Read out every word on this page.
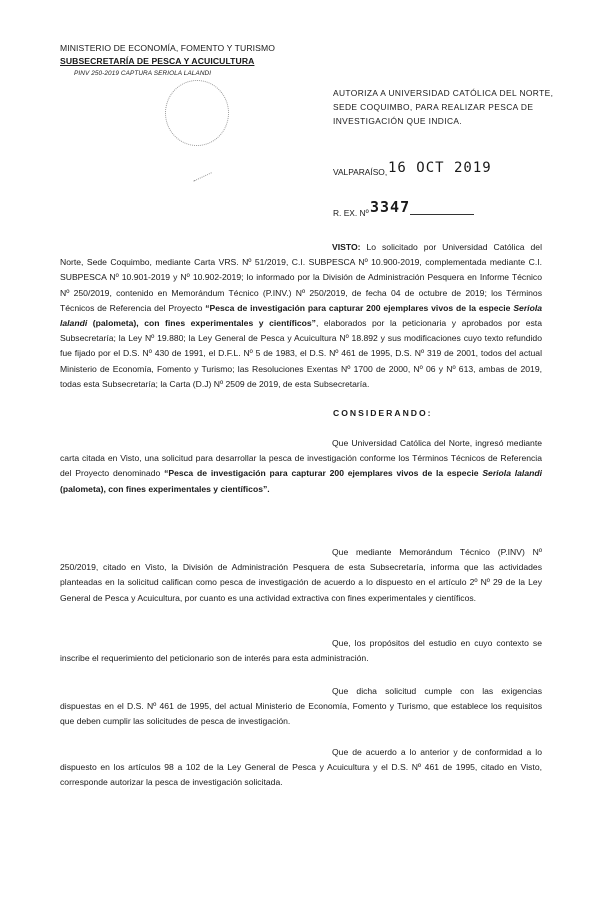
MINISTERIO DE ECONOMÍA, FOMENTO Y TURISMO
SUBSECRETARÍA DE PESCA Y ACUICULTURA
PINV 250-2019 CAPTURA SERIOLA LALANDI
AUTORIZA A UNIVERSIDAD CATÓLICA DEL NORTE, SEDE COQUIMBO, PARA REALIZAR PESCA DE INVESTIGACIÓN QUE INDICA.
VALPARAÍSO, 16 OCT 2019
R. EX. Nº 3347
VISTO: Lo solicitado por Universidad Católica del Norte, Sede Coquimbo, mediante Carta VRS. Nº 51/2019, C.I. SUBPESCA Nº 10.900-2019, complementada mediante C.I. SUBPESCA Nº 10.901-2019 y Nº 10.902-2019; lo informado por la División de Administración Pesquera en Informe Técnico Nº 250/2019, contenido en Memorándum Técnico (P.INV.) Nº 250/2019, de fecha 04 de octubre de 2019; los Términos Técnicos de Referencia del Proyecto “Pesca de investigación para capturar 200 ejemplares vivos de la especie Seriola lalandi (palometa), con fines experimentales y científicos”, elaborados por la peticionaria y aprobados por esta Subsecretaría; la Ley Nº 19.880; la Ley General de Pesca y Acuicultura Nº 18.892 y sus modificaciones cuyo texto refundido fue fijado por el D.S. Nº 430 de 1991, el D.F.L. Nº 5 de 1983, el D.S. Nº 461 de 1995, D.S. Nº 319 de 2001, todos del actual Ministerio de Economía, Fomento y Turismo; las Resoluciones Exentas Nº 1700 de 2000, Nº 06 y Nº 613, ambas de 2019, todas esta Subsecretaría; la Carta (D.J) Nº 2509 de 2019, de esta Subsecretaría.
CONSIDERANDO:
Que Universidad Católica del Norte, ingresó mediante carta citada en Visto, una solicitud para desarrollar la pesca de investigación conforme los Términos Técnicos de Referencia del Proyecto denominado “Pesca de investigación para capturar 200 ejemplares vivos de la especie Seriola lalandi (palometa), con fines experimentales y científicos”.
Que mediante Memorándum Técnico (P.INV) Nº 250/2019, citado en Visto, la División de Administración Pesquera de esta Subsecretaría, informa que las actividades planteadas en la solicitud califican como pesca de investigación de acuerdo a lo dispuesto en el artículo 2º Nº 29 de la Ley General de Pesca y Acuicultura, por cuanto es una actividad extractiva con fines experimentales y científicos.
Que, los propósitos del estudio en cuyo contexto se inscribe el requerimiento del peticionario son de interés para esta administración.
Que dicha solicitud cumple con las exigencias dispuestas en el D.S. Nº 461 de 1995, del actual Ministerio de Economía, Fomento y Turismo, que establece los requisitos que deben cumplir las solicitudes de pesca de investigación.
Que de acuerdo a lo anterior y de conformidad a lo dispuesto en los artículos 98 a 102 de la Ley General de Pesca y Acuicultura y el D.S. Nº 461 de 1995, citado en Visto, corresponde autorizar la pesca de investigación solicitada.
